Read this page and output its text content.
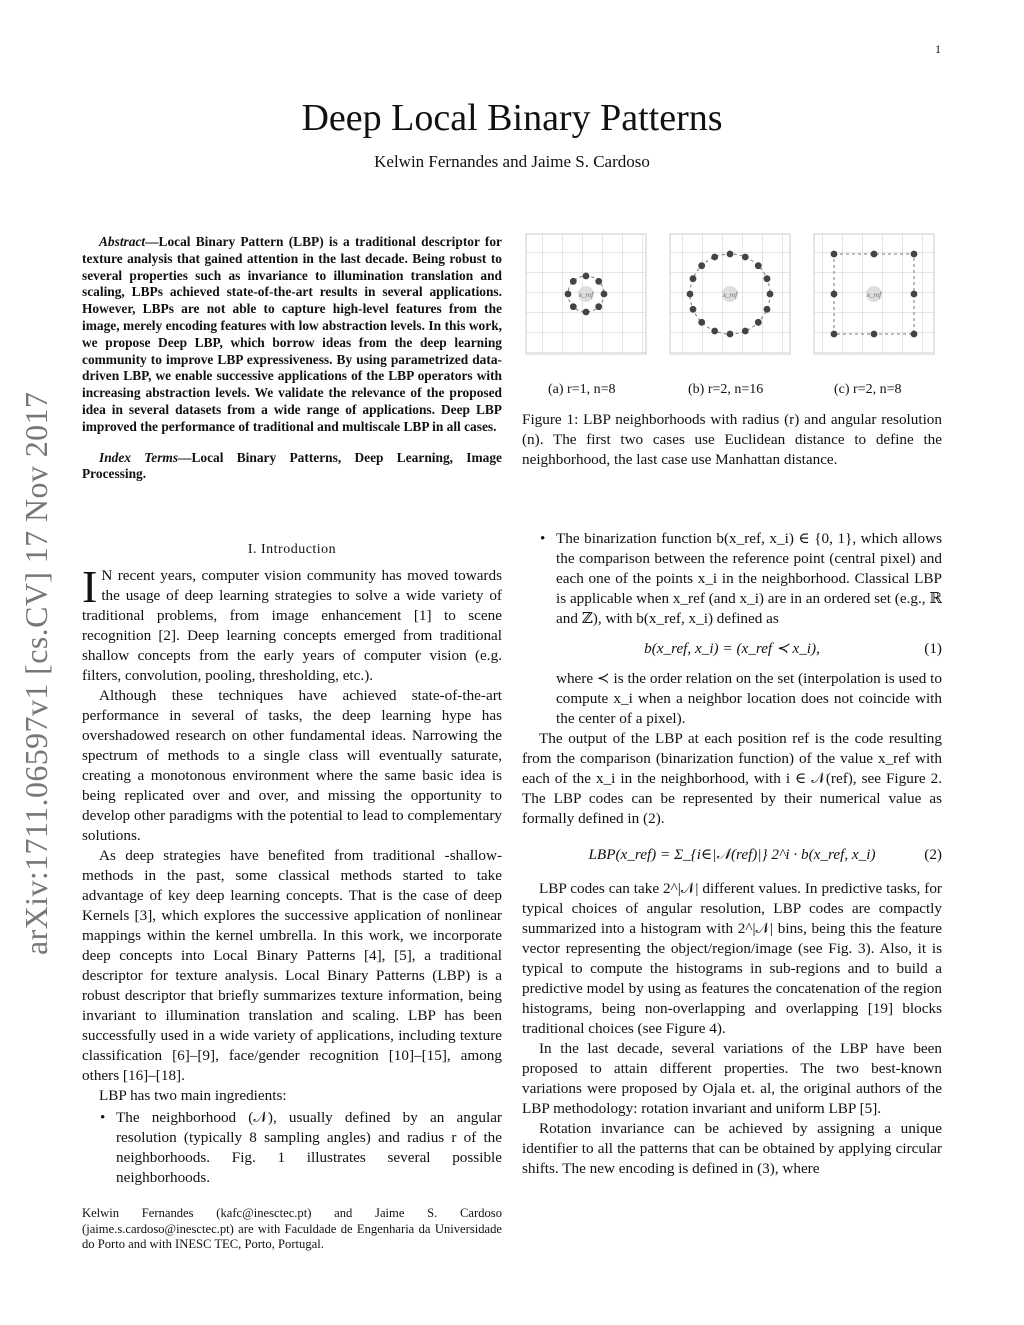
1
arXiv:1711.06597v1 [cs.CV] 17 Nov 2017
Deep Local Binary Patterns
Kelwin Fernandes and Jaime S. Cardoso

Abstract—Local Binary Pattern (LBP) is a traditional descriptor for texture analysis that gained attention in the last decade. Being robust to several properties such as invariance to illumination translation and scaling, LBPs achieved state-of-the-art results in several applications. However, LBPs are not able to capture high-level features from the image, merely encoding features with low abstraction levels. In this work, we propose Deep LBP, which borrow ideas from the deep learning community to improve LBP expressiveness. By using parametrized data-driven LBP, we enable successive applications of the LBP operators with increasing abstraction levels. We validate the relevance of the proposed idea in several datasets from a wide range of applications. Deep LBP improved the performance of traditional and multiscale LBP in all cases.

Index Terms—Local Binary Patterns, Deep Learning, Image Processing.

I. Introduction

I N recent years, computer vision community has moved towards the usage of deep learning strategies to solve a wide variety of traditional problems, from image enhancement [1] to scene recognition [2]. Deep learning concepts emerged from traditional shallow concepts from the early years of computer vision (e.g. filters, convolution, pooling, thresholding, etc.).

Although these techniques have achieved state-of-the-art performance in several of tasks, the deep learning hype has overshadowed research on other fundamental ideas. Narrowing the spectrum of methods to a single class will eventually saturate, creating a monotonous environment where the same basic idea is being replicated over and over, and missing the opportunity to develop other paradigms with the potential to lead to complementary solutions.

As deep strategies have benefited from traditional -shallow-methods in the past, some classical methods started to take advantage of key deep learning concepts. That is the case of deep Kernels [3], which explores the successive application of nonlinear mappings within the kernel umbrella. In this work, we incorporate deep concepts into Local Binary Patterns [4], [5], a traditional descriptor for texture analysis. Local Binary Patterns (LBP) is a robust descriptor that briefly summarizes texture information, being invariant to illumination translation and scaling. LBP has been successfully used in a wide variety of applications, including texture classification [6]–[9], face/gender recognition [10]–[15], among others [16]–[18].

LBP has two main ingredients:

• The neighborhood (𝒩), usually defined by an angular resolution (typically 8 sampling angles) and radius r of the neighborhoods. Fig. 1 illustrates several possible neighborhoods.
Kelwin Fernandes (kafc@inesctec.pt) and Jaime S. Cardoso (jaime.s.cardoso@inesctec.pt) are with Faculdade de Engenharia da Universidade do Porto and with INESC TEC, Porto, Portugal.
x_ref	x_ref	x_ref
(a) r=1, n=8	(b) r=2, n=16	(c) r=2, n=8
Figure 1: LBP neighborhoods with radius (r) and angular resolution (n). The first two cases use Euclidean distance to define the neighborhood, the last case use Manhattan distance.
• The binarization function b(x_ref, x_i) ∈ {0, 1}, which allows the comparison between the reference point (central pixel) and each one of the points x_i in the neighborhood. Classical LBP is applicable when x_ref (and x_i) are in an ordered set (e.g., ℝ and ℤ), with b(x_ref, x_i) defined as
b(x_ref, x_i) = (x_ref ≺ x_i),	(1)

where ≺ is the order relation on the set (interpolation is used to compute x_i when a neighbor location does not coincide with the center of a pixel).

The output of the LBP at each position ref is the code resulting from the comparison (binarization function) of the value x_ref with each of the x_i in the neighborhood, with i ∈ 𝒩(ref), see Figure 2. The LBP codes can be represented by their numerical value as formally defined in (2).

LBP(x_ref) = Σ_{i∈|𝒩(ref)|} 2^i · b(x_ref, x_i)	(2)

LBP codes can take 2^|𝒩| different values. In predictive tasks, for typical choices of angular resolution, LBP codes are compactly summarized into a histogram with 2^|𝒩| bins, being this the feature vector representing the object/region/image (see Fig. 3). Also, it is typical to compute the histograms in sub-regions and to build a predictive model by using as features the concatenation of the region histograms, being non-overlapping and overlapping [19] blocks traditional choices (see Figure 4).

In the last decade, several variations of the LBP have been proposed to attain different properties. The two best-known variations were proposed by Ojala et. al, the original authors of the LBP methodology: rotation invariant and uniform LBP [5].

Rotation invariance can be achieved by assigning a unique identifier to all the patterns that can be obtained by applying circular shifts. The new encoding is defined in (3), where
